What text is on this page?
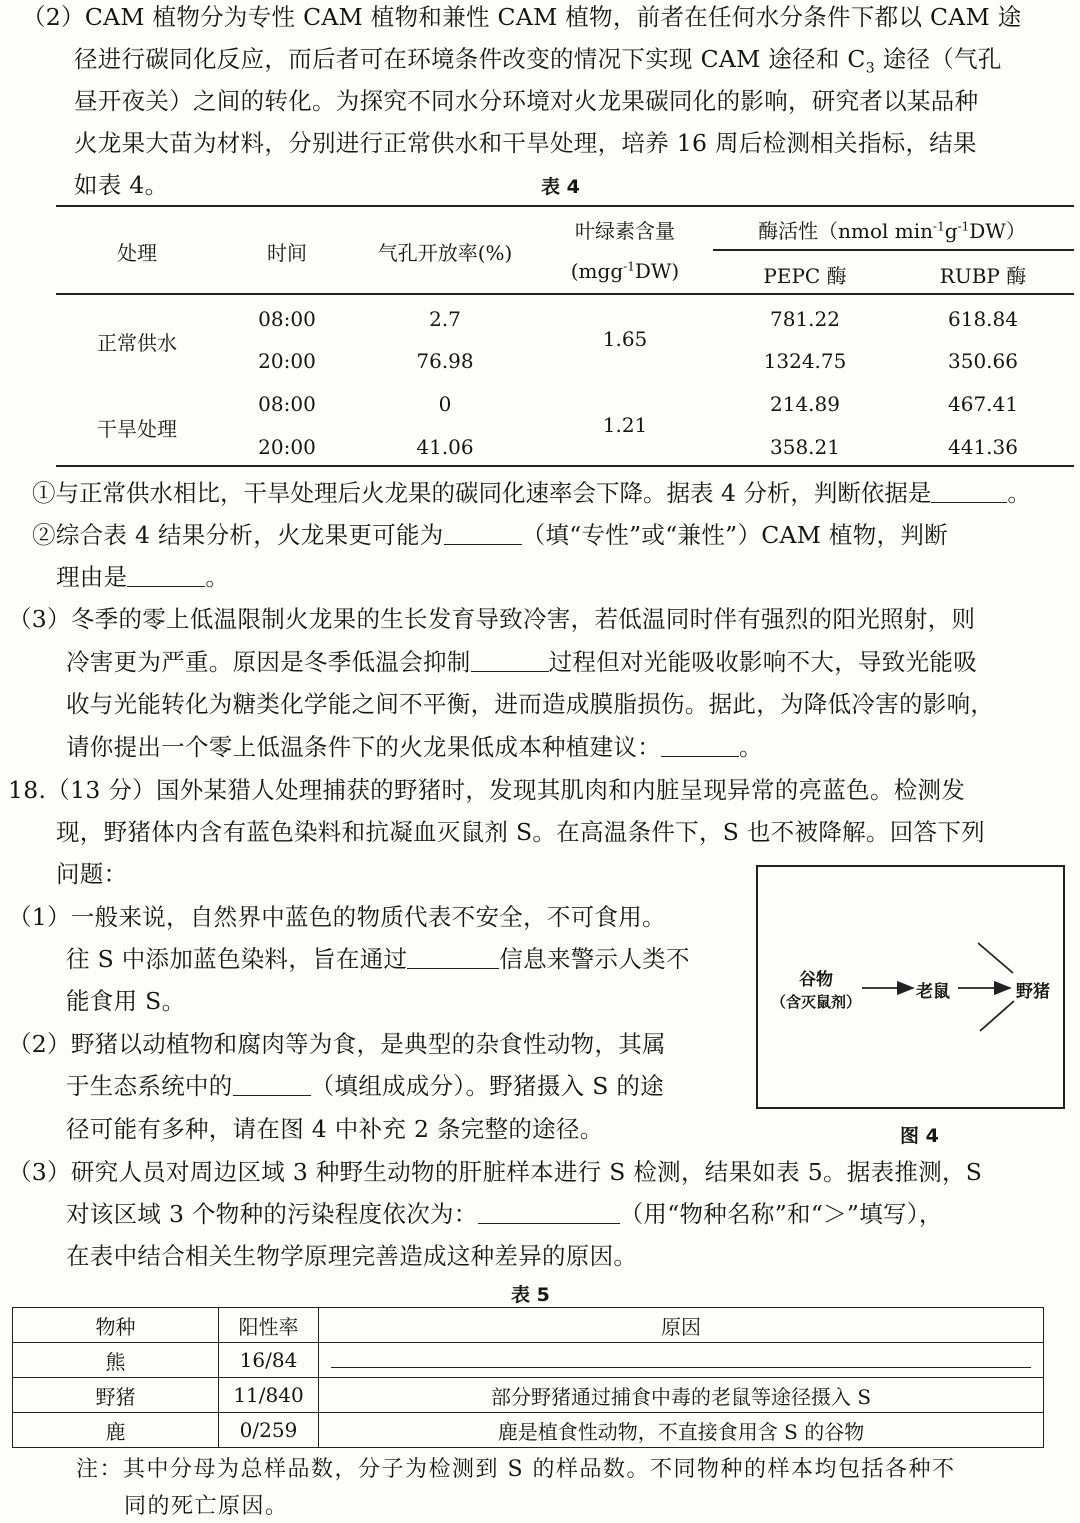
（2）CAM 植物分为专性 CAM 植物和兼性 CAM 植物，前者在任何水分条件下都以 CAM 途
径进行碳同化反应，而后者可在环境条件改变的情况下实现 CAM 途径和 $C_3$ 途径（气孔
昼开夜关）之间的转化。为探究不同水分环境对火龙果碳同化的影响，研究者以某品种
火龙果大苗为材料，分别进行正常供水和干旱处理，培养 16 周后检测相关指标，结果
如表 4。	表 4
处理	时间	气孔开放率(%)
叶绿素含量
(mgg$^{-1}$DW)
酶活性（nmol $\min^{-1}g^{-1}DW$）
PEPC 酶	RUBP 酶
正常供水	1.65
08:00	2.7	781.22	618.84
20:00	76.98	1324.75	350.66
干旱处理	1.21
08:00	0	214.89	467.41
20:00	41.06	358.21	441.36
①与正常供水相比，干旱处理后火龙果的碳同化速率会下降。据表 4 分析，判断依据是	。
②综合表 4 结果分析，火龙果更可能为	（填“专性”或“兼性”）CAM 植物，判断
理由是	。
（3）冬季的零上低温限制火龙果的生长发育导致冷害，若低温同时伴有强烈的阳光照射，则
冷害更为严重。原因是冬季低温会抑制	过程但对光能吸收影响不大，导致光能吸
收与光能转化为糖类化学能之间不平衡，进而造成膜脂损伤。据此，为降低冷害的影响，
请你提出一个零上低温条件下的火龙果低成本种植建议：	。
18.（13 分）国外某猎人处理捕获的野猪时，发现其肌肉和内脏呈现异常的亮蓝色。检测发
现，野猪体内含有蓝色染料和抗凝血灭鼠剂 S。在高温条件下，S 也不被降解。回答下列
问题：
（1）一般来说，自然界中蓝色的物质代表不安全，不可食用。
往 S 中添加蓝色染料，旨在通过	信息来警示人类不
能食用 S。
（2）野猪以动植物和腐肉等为食，是典型的杂食性动物，其属
于生态系统中的	（填组成成分）。野猪摄入 S 的途
径可能有多种，请在图 4 中补充 2 条完整的途径。
谷物
（含灭鼠剂）	老鼠	野猪
图 4
（3）研究人员对周边区域 3 种野生动物的肝脏样本进行 S 检测，结果如表 5。据表推测，S
对该区域 3 个物种的污染程度依次为：	（用“物种名称”和“＞”填写），
在表中结合相关生物学原理完善造成这种差异的原因。
表 5
物种	阳性率	原因
熊	16/84	

野猪	11/840	部分野猪通过捕食中毒的老鼠等途径摄入 S
鹿	0/259	鹿是植食性动物，不直接食用含 S 的谷物
注：其中分母为总样品数，分子为检测到 S 的样品数。不同物种的样本均包括各种不
同的死亡原因。
